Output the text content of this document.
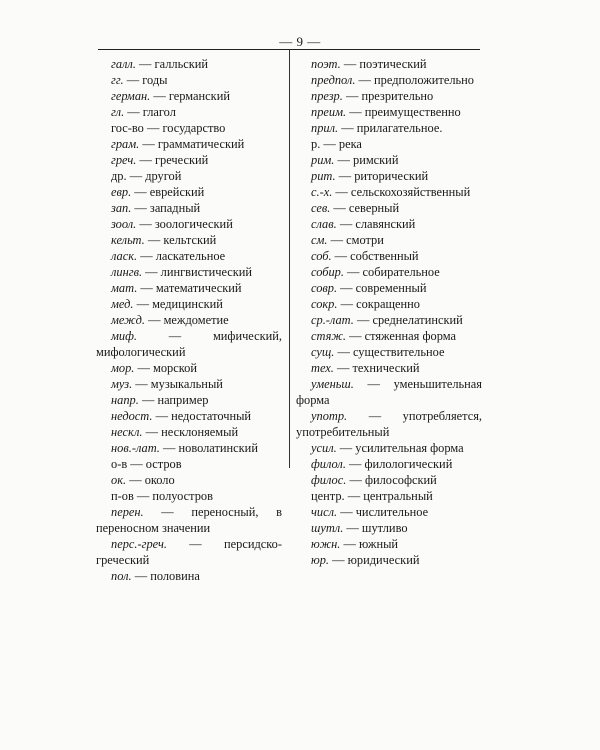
— 9 —
галл. — галльский
гг. — годы
герман. — германский
гл. — глагол
гос-во — государство
грам. — грамматический
греч. — греческий
др. — другой
евр. — еврейский
зап. — западный
зоол. — зоологический
кельт. — кельтский
ласк. — ласкательное
лингв. — лингвистический
мат. — математический
мед. — медицинский
межд. — междометие
миф. — мифический, мифологический
мор. — морской
муз. — музыкальный
напр. — например
недост. — недостаточный
нескл. — несклоняемый
нов.-лат. — новолатинский
о-в — остров
ок. — около
п-ов — полуостров
перен. — переносный, в переносном значении
перс.-греч. — персидско-греческий
пол. — половина
поэт. — поэтический
предпол. — предположительно
презр. — презрительно
преим. — преимущественно
прил. — прилагательное.
р. — река
рим. — римский
рит. — риторический
с.-х. — сельскохозяйственный
сев. — северный
слав. — славянский
см. — смотри
соб. — собственный
собир. — собирательное
совр. — современный
сокр. — сокращенно
ср.-лат. — среднелатинский
стяж. — стяженная форма
сущ. — существительное
тех. — технический
уменьш. — уменьшительная форма
употр. — употребляется, употребительный
усил. — усилительная форма
филол. — филологический
филос. — философский
центр. — центральный
числ. — числительное
шутл. — шутливо
южн. — южный
юр. — юридический
